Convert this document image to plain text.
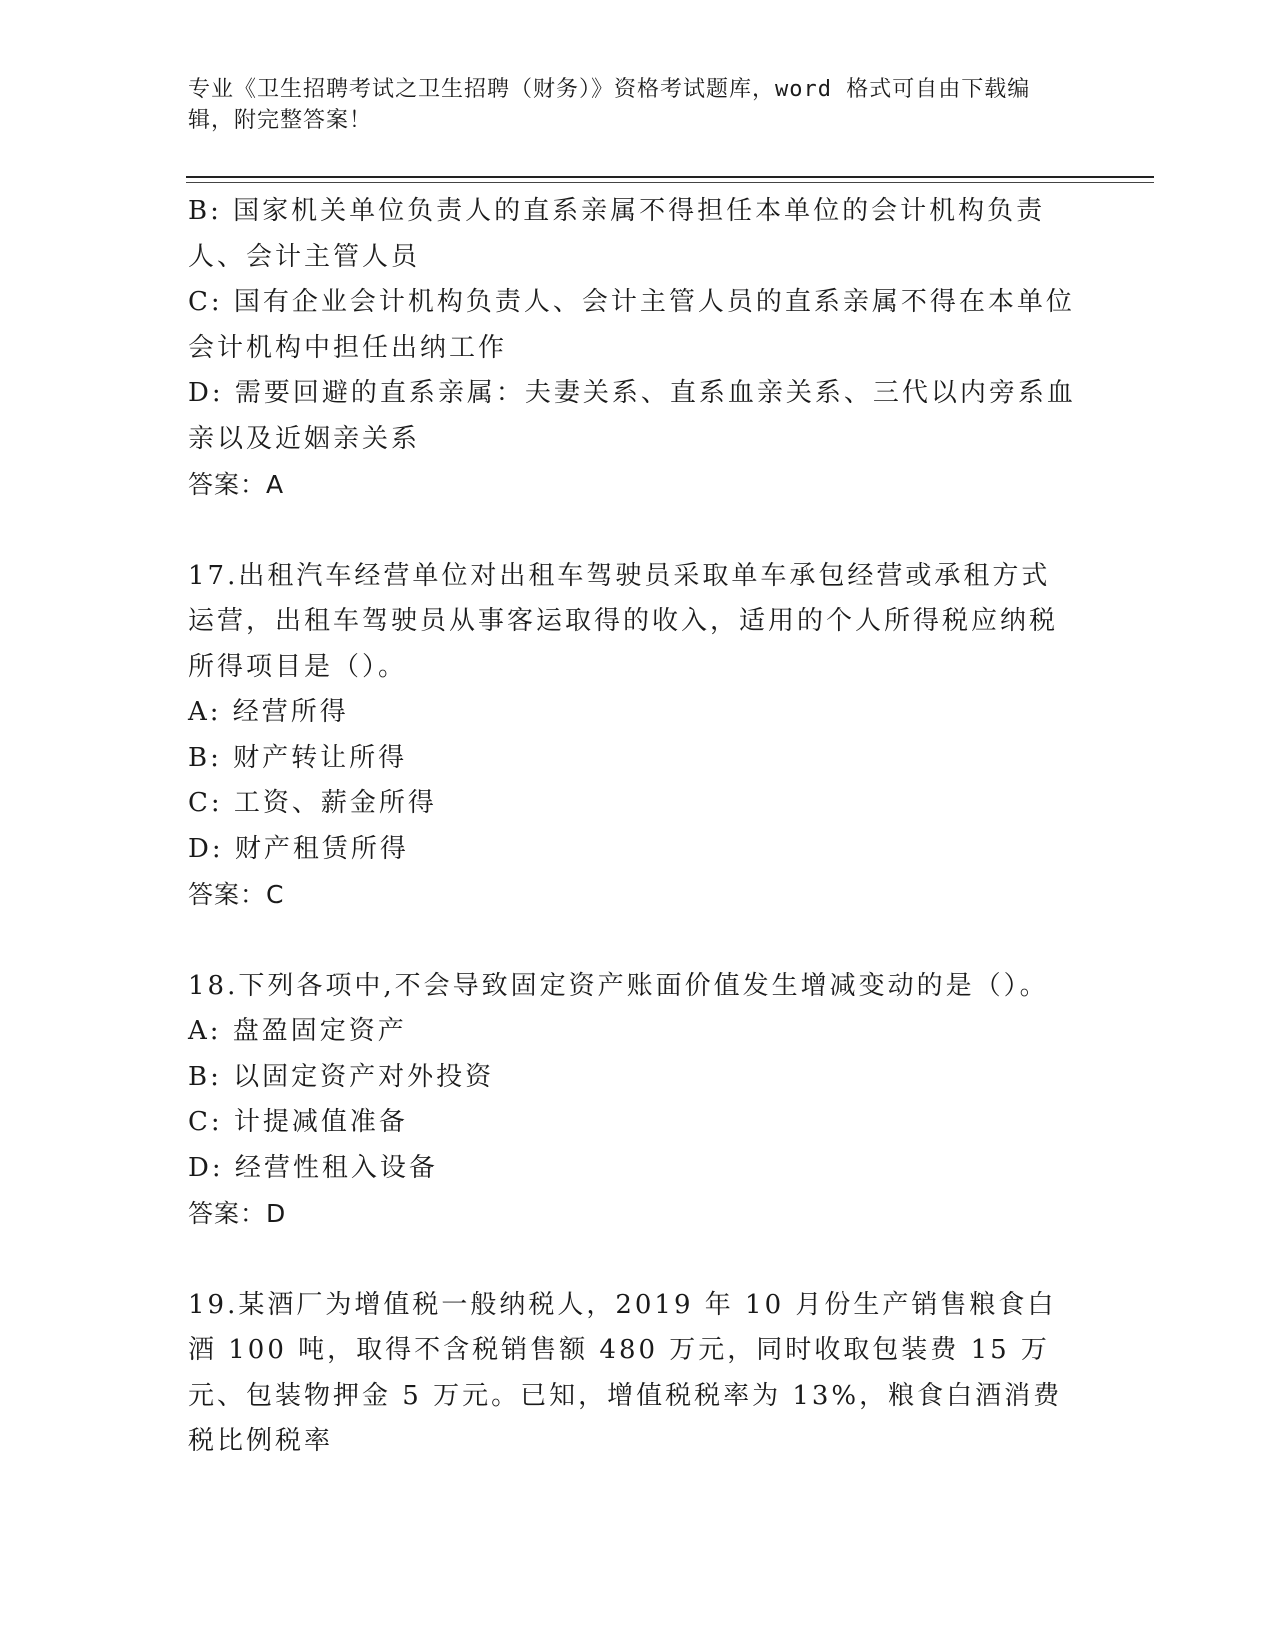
专业《卫生招聘考试之卫生招聘（财务）》资格考试题库，word 格式可自由下载编辑，附完整答案！
B: 国家机关单位负责人的直系亲属不得担任本单位的会计机构负责人、会计主管人员
C: 国有企业会计机构负责人、会计主管人员的直系亲属不得在本单位会计机构中担任出纳工作
D: 需要回避的直系亲属：夫妻关系、直系血亲关系、三代以内旁系血亲以及近姻亲关系
答案：A
17.出租汽车经营单位对出租车驾驶员采取单车承包经营或承租方式运营，出租车驾驶员从事客运取得的收入，适用的个人所得税应纳税所得项目是（）。
A: 经营所得
B: 财产转让所得
C: 工资、薪金所得
D: 财产租赁所得
答案：C
18.下列各项中,不会导致固定资产账面价值发生增减变动的是（）。
A: 盘盈固定资产
B: 以固定资产对外投资
C: 计提减值准备
D: 经营性租入设备
答案：D
19.某酒厂为增值税一般纳税人，2019 年 10 月份生产销售粮食白酒 100 吨，取得不含税销售额 480 万元，同时收取包装费 15 万元、包装物押金 5 万元。已知，增值税税率为 13%，粮食白酒消费税比例税率
